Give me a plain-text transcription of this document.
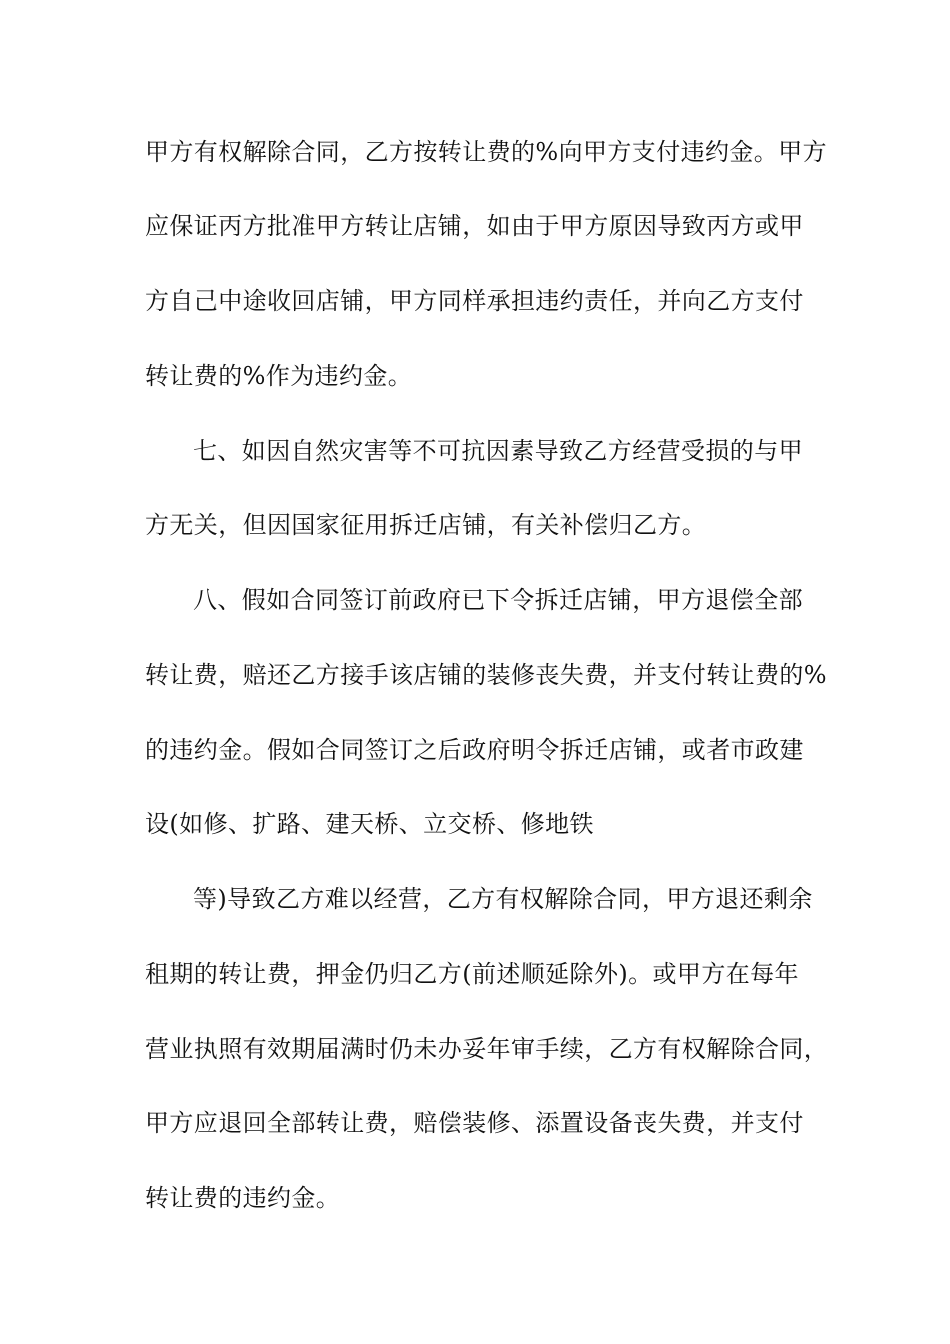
甲方有权解除合同，乙方按转让费的%向甲方支付违约金。甲方
应保证丙方批准甲方转让店铺，如由于甲方原因导致丙方或甲
方自己中途收回店铺，甲方同样承担违约责任，并向乙方支付
转让费的%作为违约金。
七、如因自然灾害等不可抗因素导致乙方经营受损的与甲
方无关，但因国家征用拆迁店铺，有关补偿归乙方。
八、假如合同签订前政府已下令拆迁店铺，甲方退偿全部
转让费，赔还乙方接手该店铺的装修丧失费，并支付转让费的%
的违约金。假如合同签订之后政府明令拆迁店铺，或者市政建
设(如修、扩路、建天桥、立交桥、修地铁
等)导致乙方难以经营，乙方有权解除合同，甲方退还剩余
租期的转让费，押金仍归乙方(前述顺延除外)。或甲方在每年
营业执照有效期届满时仍未办妥年审手续，乙方有权解除合同，
甲方应退回全部转让费，赔偿装修、添置设备丧失费，并支付
转让费的违约金。
